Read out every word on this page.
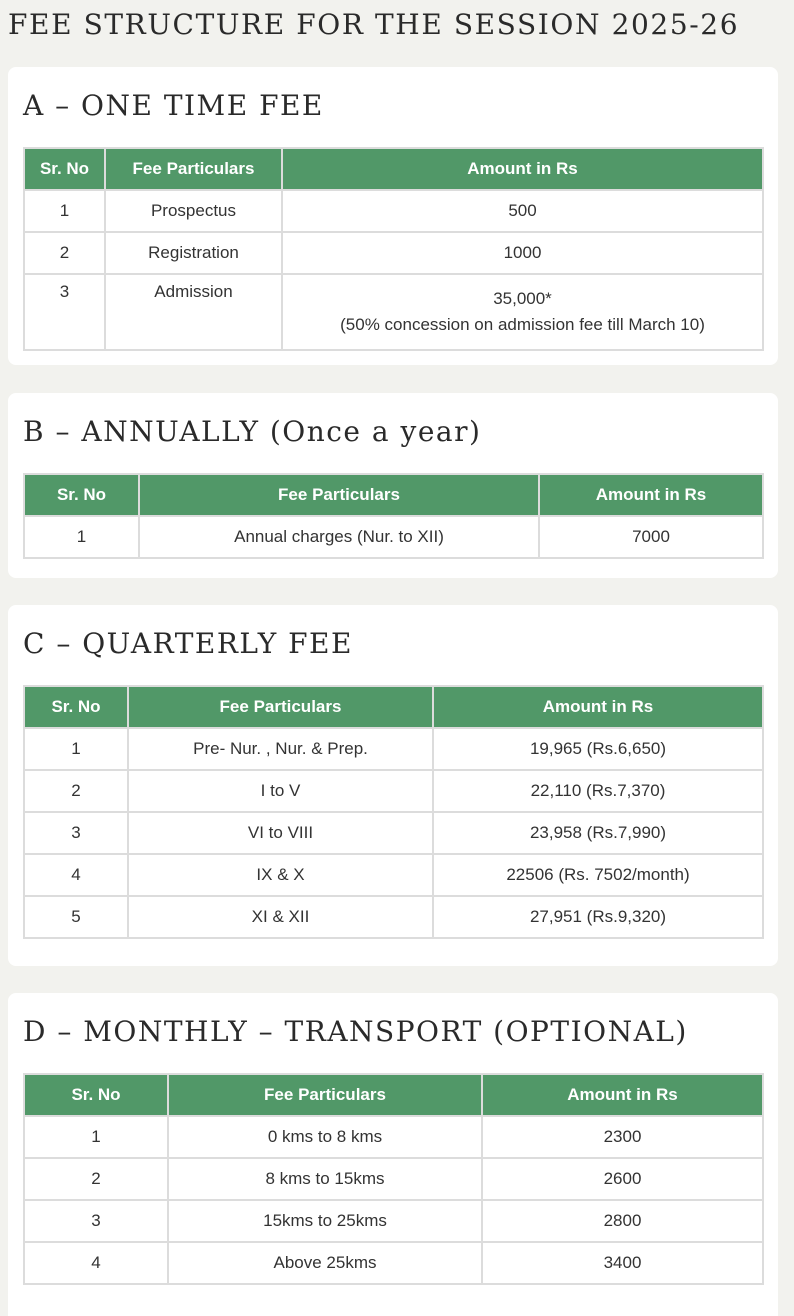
FEE STRUCTURE FOR THE SESSION 2025-26
A – ONE TIME FEE
Sr. No	Fee Particulars	Amount in Rs
1	Prospectus	500
2	Registration	1000
3	Admission	35,000*
(50% concession on admission fee till March 10)
B – ANNUALLY (Once a year)
Sr. No	Fee Particulars	Amount in Rs
1	Annual charges (Nur. to XII)	7000
C – QUARTERLY FEE
Sr. No	Fee Particulars	Amount in Rs
1	Pre- Nur. , Nur. & Prep.	19,965 (Rs.6,650)
2	I to V	22,110 (Rs.7,370)
3	VI to VIII	23,958 (Rs.7,990)
4	IX & X	22506 (Rs. 7502/month)
5	XI & XII	27,951 (Rs.9,320)
D – MONTHLY – TRANSPORT (OPTIONAL)
Sr. No	Fee Particulars	Amount in Rs
1	0 kms to 8 kms	2300
2	8 kms to 15kms	2600
3	15kms to 25kms	2800
4	Above 25kms	3400
